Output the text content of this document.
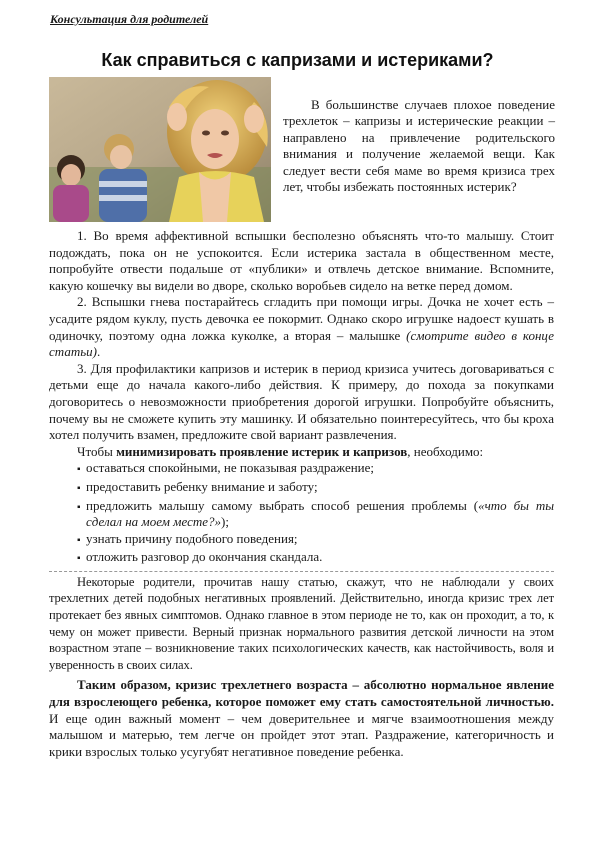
Консультация для родителей
Как справиться с капризами и истериками?

В большинстве случаев плохое поведение трехлеток – капризы и истерические реакции – направлено на привлечение родительского внимания и получение желаемой вещи. Как следует вести себя маме во время кризиса трех лет, чтобы избежать постоянных истерик?

1. Во время аффективной вспышки бесполезно объяснять что-то малышу. Стоит подождать, пока он не успокоится. Если истерика застала в общественном месте, попробуйте отвести подальше от «публики» и отвлечь детское внимание. Вспомните, какую кошечку вы видели во дворе, сколько воробьев сидело на ветке перед домом.

2. Вспышки гнева постарайтесь сгладить при помощи игры. Дочка не хочет есть – усадите рядом куклу, пусть девочка ее покормит. Однако скоро игрушке надоест кушать в одиночку, поэтому одна ложка куколке, а вторая – малышке (смотрите видео в конце статьи).

3. Для профилактики капризов и истерик в период кризиса учитесь договариваться с детьми еще до начала какого-либо действия. К примеру, до похода за покупками договоритесь о невозможности приобретения дорогой игрушки. Попробуйте объяснить, почему вы не сможете купить эту машинку. И обязательно поинтересуйтесь, что бы кроха хотел получить взамен, предложите свой вариант развлечения.

Чтобы минимизировать проявление истерик и капризов, необходимо:

▪
оставаться спокойными, не показывая раздражение;

▪
предоставить ребенку внимание и заботу;

▪
предложить малышу самому выбрать способ решения проблемы («что бы ты сделал на моем месте?»);

▪
узнать причину подобного поведения;

▪
отложить разговор до окончания скандала.

Некоторые родители, прочитав нашу статью, скажут, что не наблюдали у своих трехлетних детей подобных негативных проявлений. Действительно, иногда кризис трех лет протекает без явных симптомов. Однако главное в этом периоде не то, как он проходит, а то, к чему он может привести. Верный признак нормального развития детской личности на этом возрастном этапе – возникновение таких психологических качеств, как настойчивость, воля и уверенность в своих силах.

Таким образом, кризис трехлетнего возраста – абсолютно нормальное явление для взрослеющего ребенка, которое поможет ему стать самостоятельной личностью. И еще один важный момент – чем доверительнее и мягче взаимоотношения между малышом и матерью, тем легче он пройдет этот этап. Раздражение, категоричность и крики взрослых только усугубят негативное поведение ребенка.
